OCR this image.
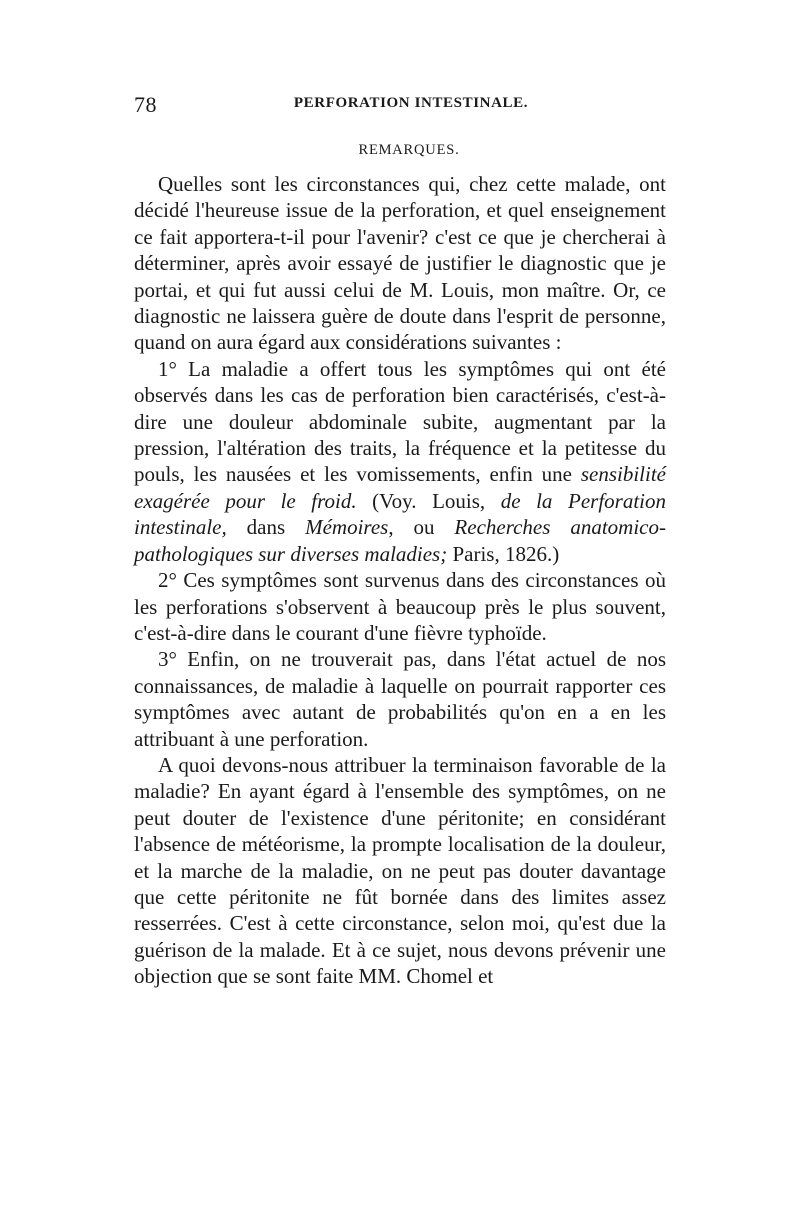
78	PERFORATION INTESTINALE.
REMARQUES.

Quelles sont les circonstances qui, chez cette malade, ont décidé l'heureuse issue de la perforation, et quel enseignement ce fait apportera-t-il pour l'avenir? c'est ce que je chercherai à déterminer, après avoir essayé de justifier le diagnostic que je portai, et qui fut aussi celui de M. Louis, mon maître. Or, ce diagnostic ne laissera guère de doute dans l'esprit de personne, quand on aura égard aux considérations suivantes :

1° La maladie a offert tous les symptômes qui ont été observés dans les cas de perforation bien caractérisés, c'est-à-dire une douleur abdominale subite, augmentant par la pression, l'altération des traits, la fréquence et la petitesse du pouls, les nausées et les vomissements, enfin une sensibilité exagérée pour le froid. (Voy. Louis, de la Perforation intestinale, dans Mémoires, ou Recherches anatomico-pathologiques sur diverses maladies; Paris, 1826.)

2° Ces symptômes sont survenus dans des circonstances où les perforations s'observent à beaucoup près le plus souvent, c'est-à-dire dans le courant d'une fièvre typhoïde.

3° Enfin, on ne trouverait pas, dans l'état actuel de nos connaissances, de maladie à laquelle on pourrait rapporter ces symptômes avec autant de probabilités qu'on en a en les attribuant à une perforation.

A quoi devons-nous attribuer la terminaison favorable de la maladie? En ayant égard à l'ensemble des symptômes, on ne peut douter de l'existence d'une péritonite; en considérant l'absence de météorisme, la prompte localisation de la douleur, et la marche de la maladie, on ne peut pas douter davantage que cette péritonite ne fût bornée dans des limites assez resserrées. C'est à cette circonstance, selon moi, qu'est due la guérison de la malade. Et à ce sujet, nous devons prévenir une objection que se sont faite MM. Chomel et
